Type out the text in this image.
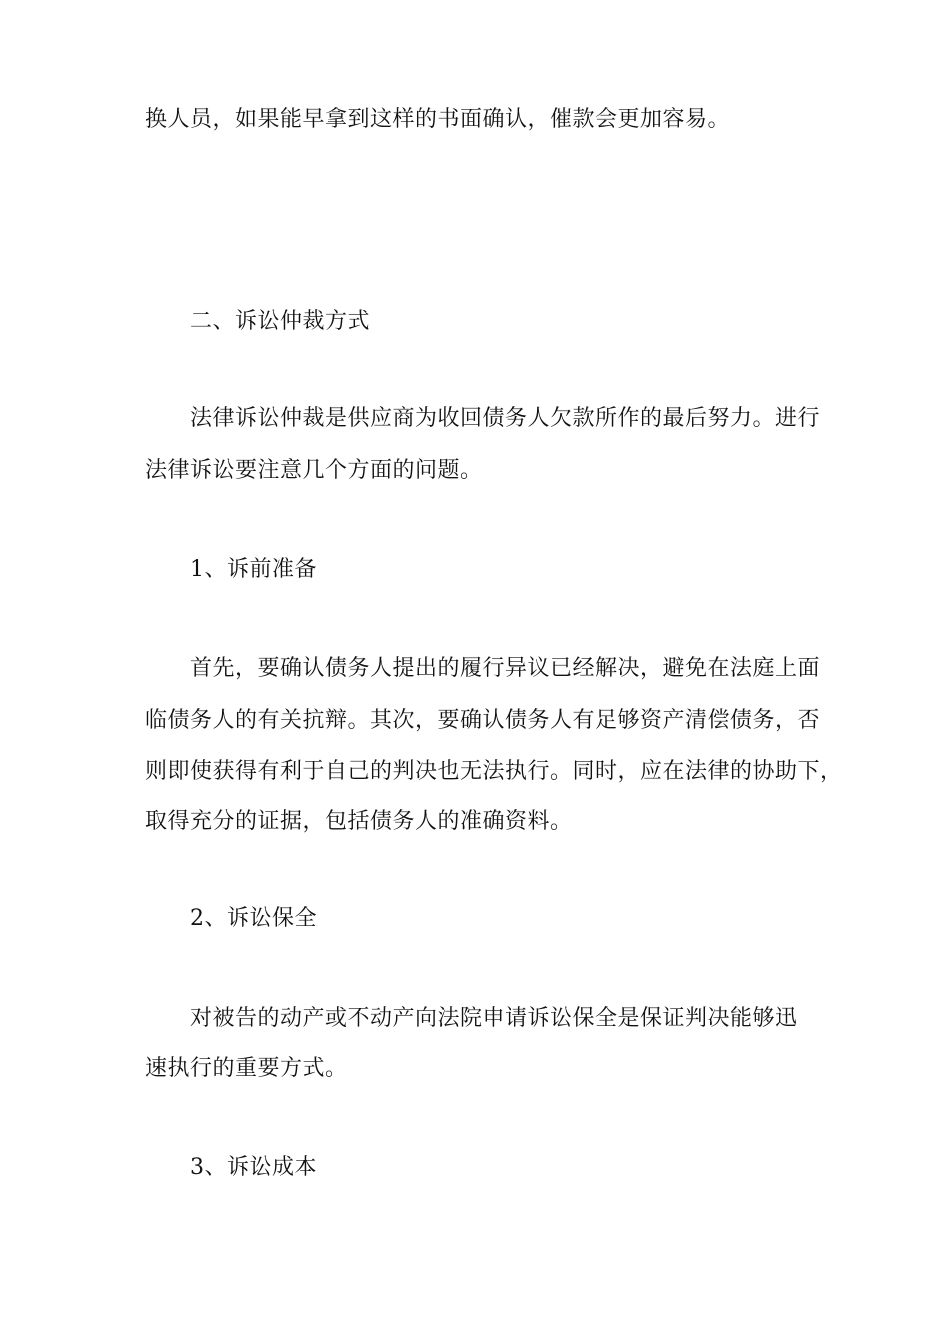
换人员，如果能早拿到这样的书面确认，催款会更加容易。
二、诉讼仲裁方式
法律诉讼仲裁是供应商为收回债务人欠款所作的最后努力。进行
法律诉讼要注意几个方面的问题。
1、诉前准备
首先，要确认债务人提出的履行异议已经解决，避免在法庭上面
临债务人的有关抗辩。其次，要确认债务人有足够资产清偿债务，否
则即使获得有利于自己的判决也无法执行。同时，应在法律的协助下，
取得充分的证据，包括债务人的准确资料。
2、诉讼保全
对被告的动产或不动产向法院申请诉讼保全是保证判决能够迅
速执行的重要方式。
3、诉讼成本
